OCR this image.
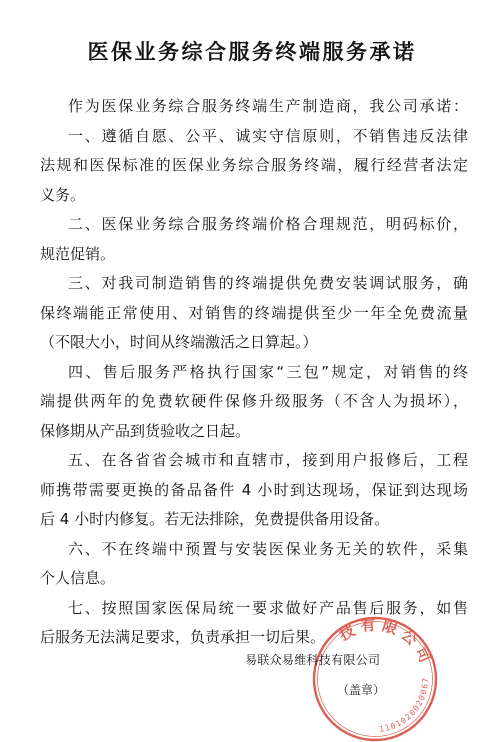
医保业务综合服务终端服务承诺
作为医保业务综合服务终端生产制造商，我公司承诺：
一、遵循自愿、公平、诚实守信原则，不销售违反法律
法规和医保标准的医保业务综合服务终端，履行经营者法定
义务。
二、医保业务综合服务终端价格合理规范，明码标价，
规范促销。
三、对我司制造销售的终端提供免费安装调试服务，确
保终端能正常使用、对销售的终端提供至少一年全免费流量
（不限大小，时间从终端激活之日算起。）
四、售后服务严格执行国家“三包”规定，对销售的终
端提供两年的免费软硬件保修升级服务（不含人为损坏），
保修期从产品到货验收之日起。
五、在各省省会城市和直辖市，接到用户报修后，工程
师携带需要更换的备品备件 4 小时到达现场，保证到达现场
后 4 小时内修复。若无法排除，免费提供备用设备。
六、不在终端中预置与安装医保业务无关的软件，采集
个人信息。
七、按照国家医保局统一要求做好产品售后服务，如售
后服务无法满足要求，负责承担一切后果。
易联众易维科技有限公司
（盖章）
技有限公司
1101020020067
